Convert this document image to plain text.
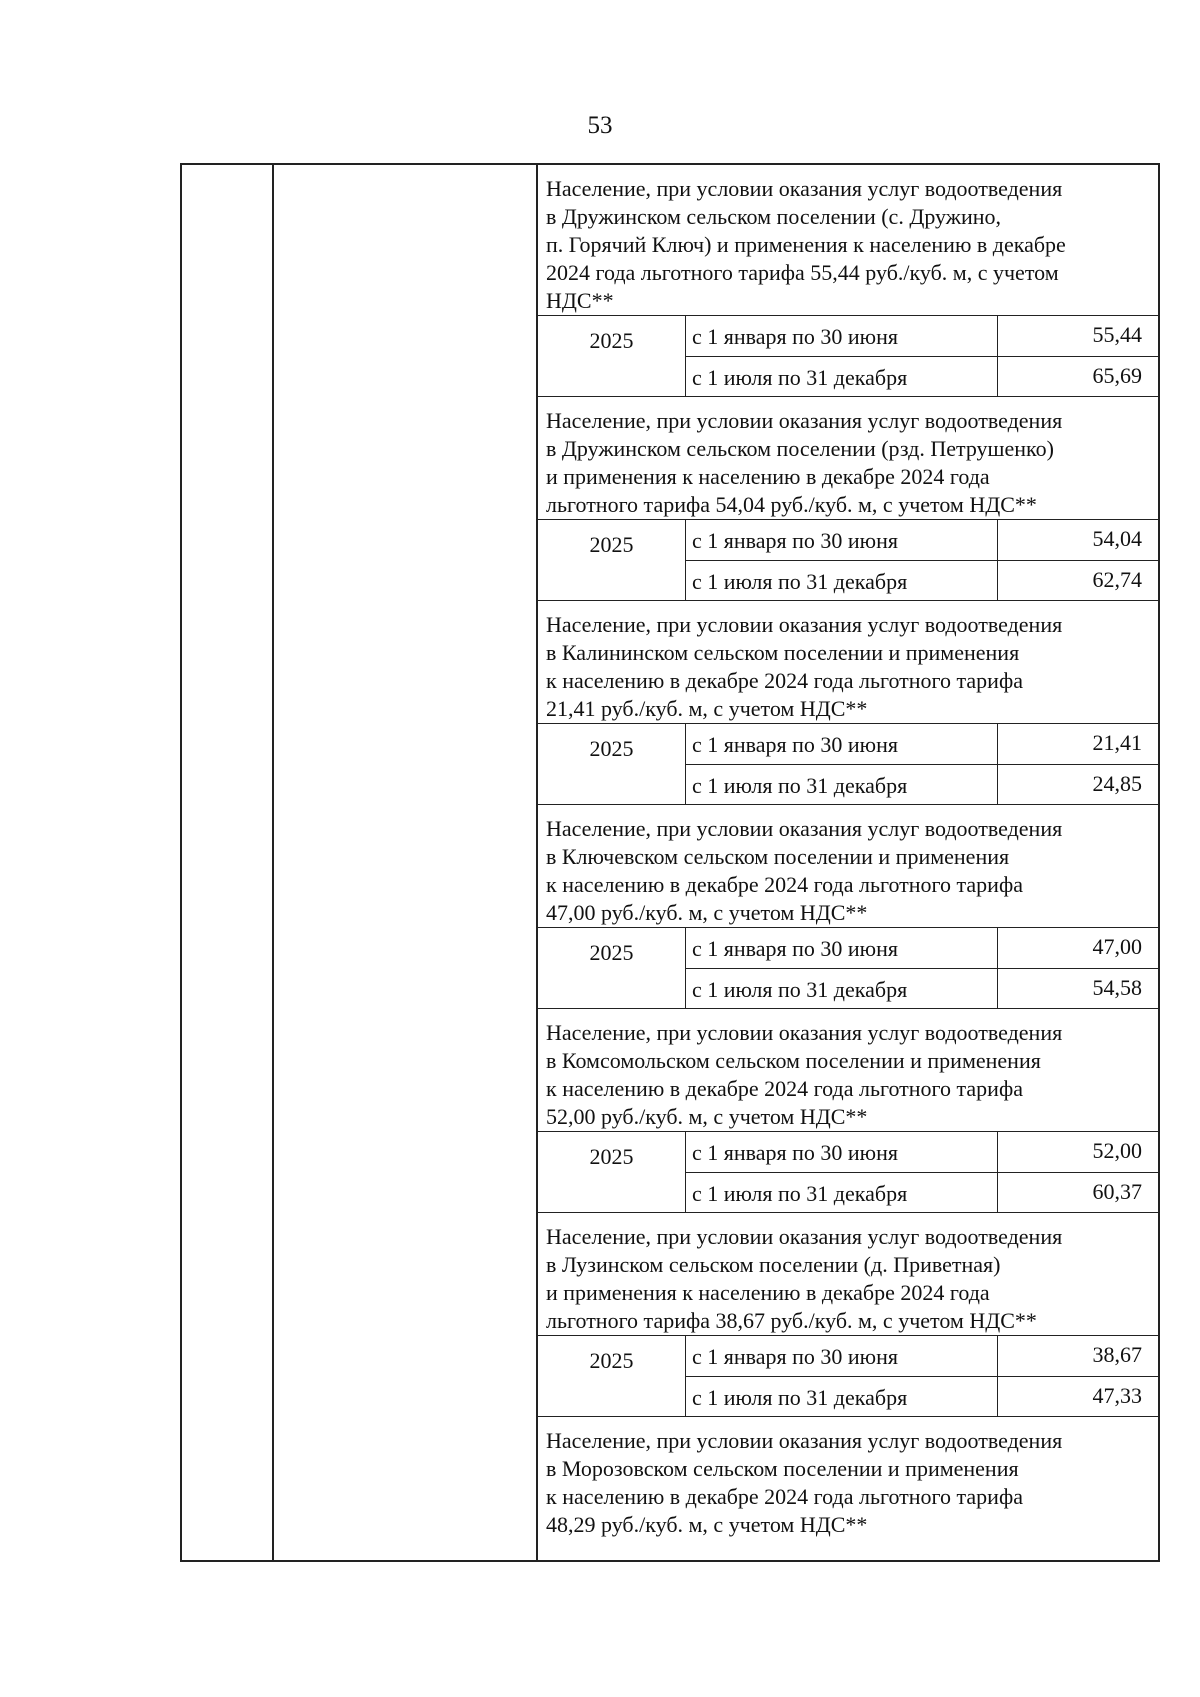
53
Население, при условии оказания услуг водоотведения
в Дружинском сельском поселении (с. Дружино,
п. Горячий Ключ) и применения к населению в декабре
2024 года льготного тарифа 55,44 руб./куб. м, с учетом
НДС**
2025	с 1 января по 30 июня	55,44
с 1 июля по 31 декабря	65,69
Население, при условии оказания услуг водоотведения
в Дружинском сельском поселении (рзд. Петрушенко)
и применения к населению в декабре 2024 года
льготного тарифа 54,04 руб./куб. м, с учетом НДС**
2025	с 1 января по 30 июня	54,04
с 1 июля по 31 декабря	62,74
Население, при условии оказания услуг водоотведения
в Калининском сельском поселении и применения
к населению в декабре 2024 года льготного тарифа
21,41 руб./куб. м, с учетом НДС**
2025	с 1 января по 30 июня	21,41
с 1 июля по 31 декабря	24,85
Население, при условии оказания услуг водоотведения
в Ключевском сельском поселении и применения
к населению в декабре 2024 года льготного тарифа
47,00 руб./куб. м, с учетом НДС**
2025	с 1 января по 30 июня	47,00
с 1 июля по 31 декабря	54,58
Население, при условии оказания услуг водоотведения
в Комсомольском сельском поселении и применения
к населению в декабре 2024 года льготного тарифа
52,00 руб./куб. м, с учетом НДС**
2025	с 1 января по 30 июня	52,00
с 1 июля по 31 декабря	60,37
Население, при условии оказания услуг водоотведения
в Лузинском сельском поселении (д. Приветная)
и применения к населению в декабре 2024 года
льготного тарифа 38,67 руб./куб. м, с учетом НДС**
2025	с 1 января по 30 июня	38,67
с 1 июля по 31 декабря	47,33
Население, при условии оказания услуг водоотведения
в Морозовском сельском поселении и применения
к населению в декабре 2024 года льготного тарифа
48,29 руб./куб. м, с учетом НДС**
